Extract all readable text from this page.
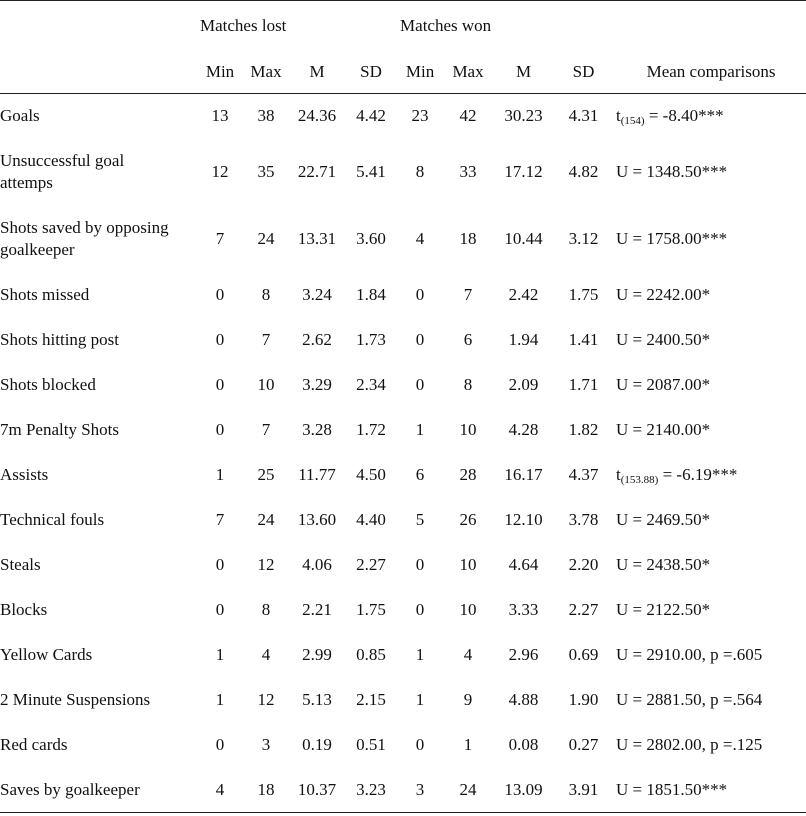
	Matches lost				Matches won				
	Min	Max	M	SD	Min	Max	M	SD	Mean comparisons

Goals	13	38	24.36	4.42	23	42	30.23	4.31	$t_{(154)} = -8.40***$

Unsuccessful goal attemps	12	35	22.71	5.41	8	33	17.12	4.82	U = 1348.50***

Shots saved by opposing goalkeeper	7	24	13.31	3.60	4	18	10.44	3.12	U = 1758.00***

Shots missed	0	8	3.24	1.84	0	7	2.42	1.75	U = 2242.00*

Shots hitting post	0	7	2.62	1.73	0	6	1.94	1.41	U = 2400.50*

Shots blocked	0	10	3.29	2.34	0	8	2.09	1.71	U = 2087.00*

7m Penalty Shots	0	7	3.28	1.72	1	10	4.28	1.82	U = 2140.00*

Assists	1	25	11.77	4.50	6	28	16.17	4.37	$t_{(153.88)} = -6.19***$

Technical fouls	7	24	13.60	4.40	5	26	12.10	3.78	U = 2469.50*

Steals	0	12	4.06	2.27	0	10	4.64	2.20	U = 2438.50*

Blocks	0	8	2.21	1.75	0	10	3.33	2.27	U = 2122.50*

Yellow Cards	1	4	2.99	0.85	1	4	2.96	0.69	U = 2910.00, p =.605

2 Minute Suspensions	1	12	5.13	2.15	1	9	4.88	1.90	U = 2881.50, p =.564

Red cards	0	3	0.19	0.51	0	1	0.08	0.27	U = 2802.00, p =.125

Saves by goalkeeper	4	18	10.37	3.23	3	24	13.09	3.91	U = 1851.50***
